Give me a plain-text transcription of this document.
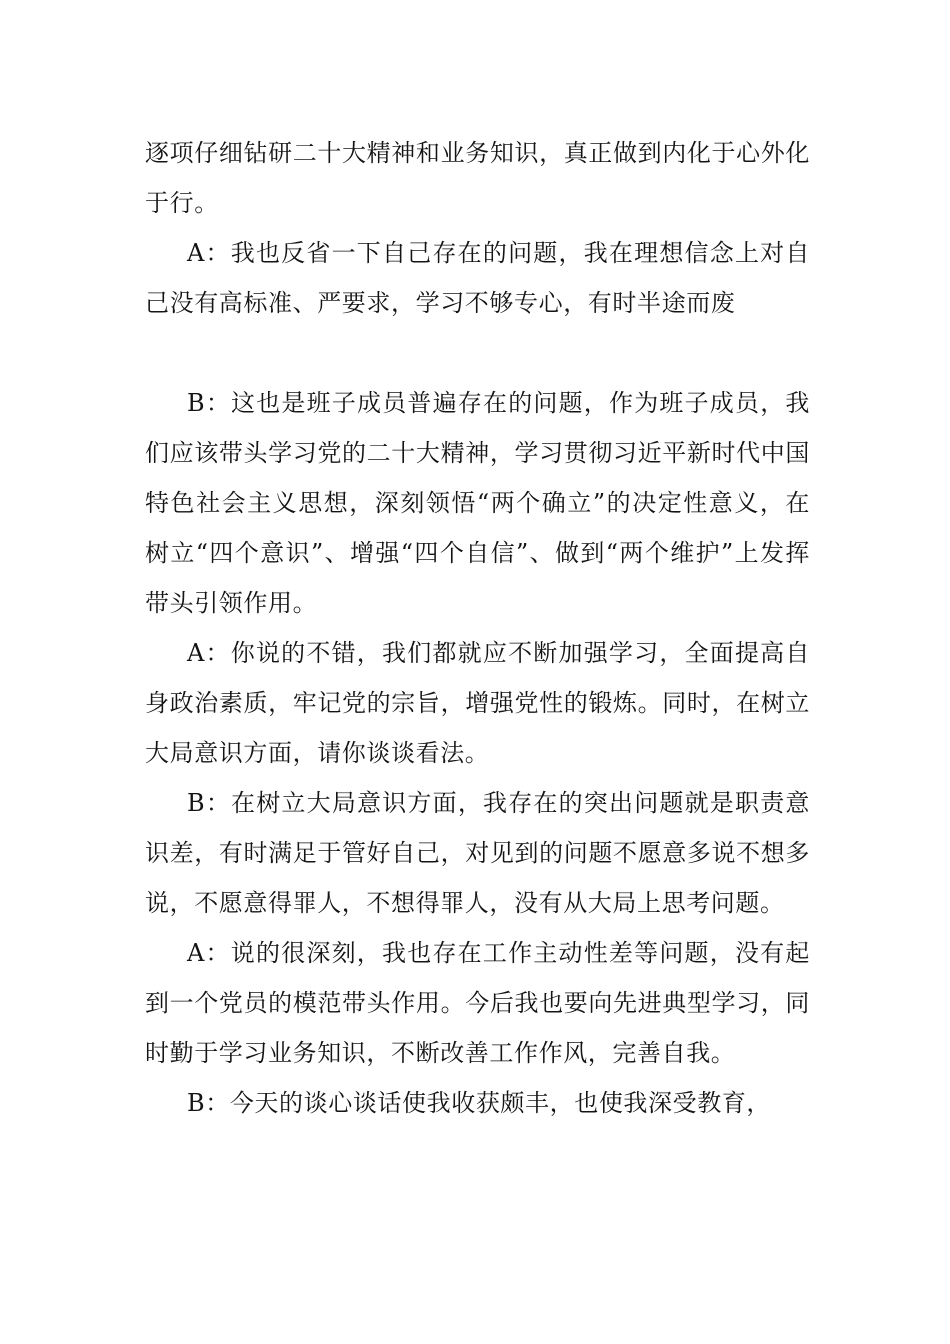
逐项仔细钻研二十大精神和业务知识，真正做到内化于心外化于行。

A：我也反省一下自己存在的问题，我在理想信念上对自己没有高标准、严要求，学习不够专心，有时半途而废

B：这也是班子成员普遍存在的问题，作为班子成员，我们应该带头学习党的二十大精神，学习贯彻习近平新时代中国特色社会主义思想，深刻领悟“两个确立”的决定性意义，在树立“四个意识”、增强“四个自信”、做到“两个维护”上发挥带头引领作用。

A：你说的不错，我们都就应不断加强学习，全面提高自身政治素质，牢记党的宗旨，增强党性的锻炼。同时，在树立大局意识方面，请你谈谈看法。

B：在树立大局意识方面，我存在的突出问题就是职责意识差，有时满足于管好自己，对见到的问题不愿意多说不想多说，不愿意得罪人，不想得罪人，没有从大局上思考问题。

A：说的很深刻，我也存在工作主动性差等问题，没有起到一个党员的模范带头作用。今后我也要向先进典型学习，同时勤于学习业务知识，不断改善工作作风，完善自我。

B：今天的谈心谈话使我收获颇丰，也使我深受教育，
